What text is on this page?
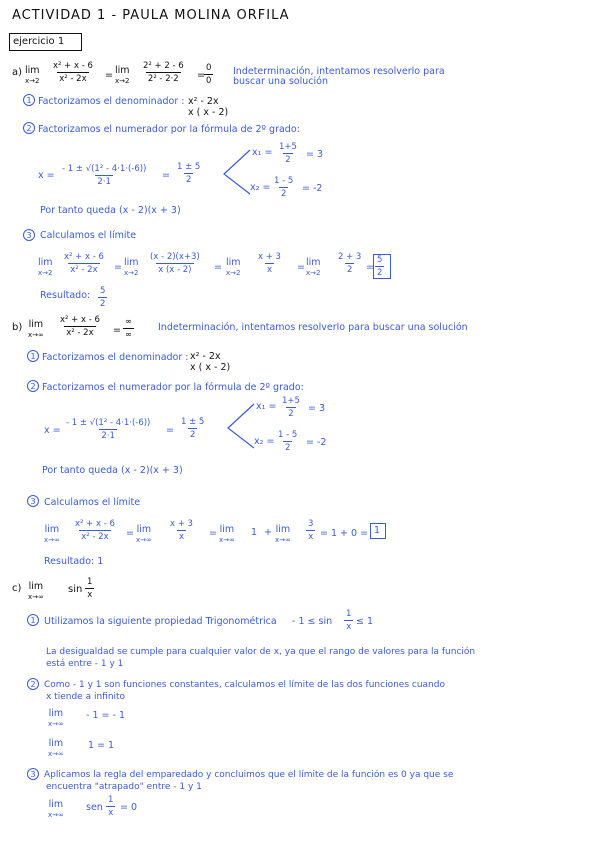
ACTIVIDAD 1 - PAULA MOLINA ORFILA
ejercicio 1
a) lim
$x\to 2 \frac{\text{x² + x - 6}}{\text{x² - 2x}} = \lim$
$x\to 2 \frac{\text{2² + 2 - 6}}{\text{2² - 2·2}} = \frac{0}{0}$ Indeterminación, intentamos resolverlo para
buscar una solución
1 Factorizamos el denominador : x² - 2x
x ( x - 2)
2 Factorizamos el numerador por la fórmula de 2º grado:
$x = \frac{\text{- 1 ± √(1² - 4·1·(-6))}}{2\cdot 1} = \frac{1 \pm 5}{2}$
$x_1 = \frac{1+5}{2} = 3$
$x_2 = \frac{1 - 5}{2} = -2$
Por tanto queda (x - 2)(x + 3)
3 Calculamos el límite
lim
$x\to 2 \frac{\text{x² + x - 6}}{\text{x² - 2x}} = \lim$
$x\to 2 \frac{(x - 2)(x+3)}{x (x - 2)} = \lim$
$x\to 2 \frac{x + 3}{x} = \lim$
$x\to 2 \frac{2 + 3}{2} = \frac{5}{2}$
Resultado: $\frac{5}{2}$
b) lim
$x\to\infty \frac{\text{x² + x - 6}}{\text{x² - 2x}}$ =
∞
∞
Indeterminación, intentamos resolverlo para buscar una solución
1 Factorizamos el denominador : x² - 2x
x ( x - 2)
2 Factorizamos el numerador por la fórmula de 2º grado:
$x = \frac{\text{- 1 ± √(1² - 4·1·(-6))}}{2\cdot 1} = \frac{1 \pm 5}{2}$
$x_1 = \frac{1+5}{2} = 3$
$x_2 = \frac{1 - 5}{2} = -2$
Por tanto queda (x - 2)(x + 3)
3 Calculamos el límite
lim
$x\to\infty \frac{\text{x² + x - 6}}{\text{x² - 2x}} = \lim$
$x\to\infty \frac{x + 3}{x} = \lim$
x→∞
1 + lim
$x\to\infty \frac{3}{x} = 1 + 0 = 1$
Resultado: 1
c) lim
x→∞
$\sin \frac{1}{x}$
1 Utilizamos la siguiente propiedad Trigonométrica - $1 \le \sin \frac{1}{x} \le 1$
La desigualdad se cumple para cualquier valor de x, ya que el rango de valores para la función
está entre - 1 y 1
2 Como - 1 y 1 son funciones constantes, calculamos el límite de las dos funciones cuando
x tiende a infinito
lim
x→∞
- 1 = - 1
lim
x→∞
1 = 1
3 Aplicamos la regla del emparedado y concluimos que el límite de la función es 0 ya que se
encuentra "atrapado" entre - 1 y 1
lim
x→∞
sen $\frac{1}{x} = 0$
